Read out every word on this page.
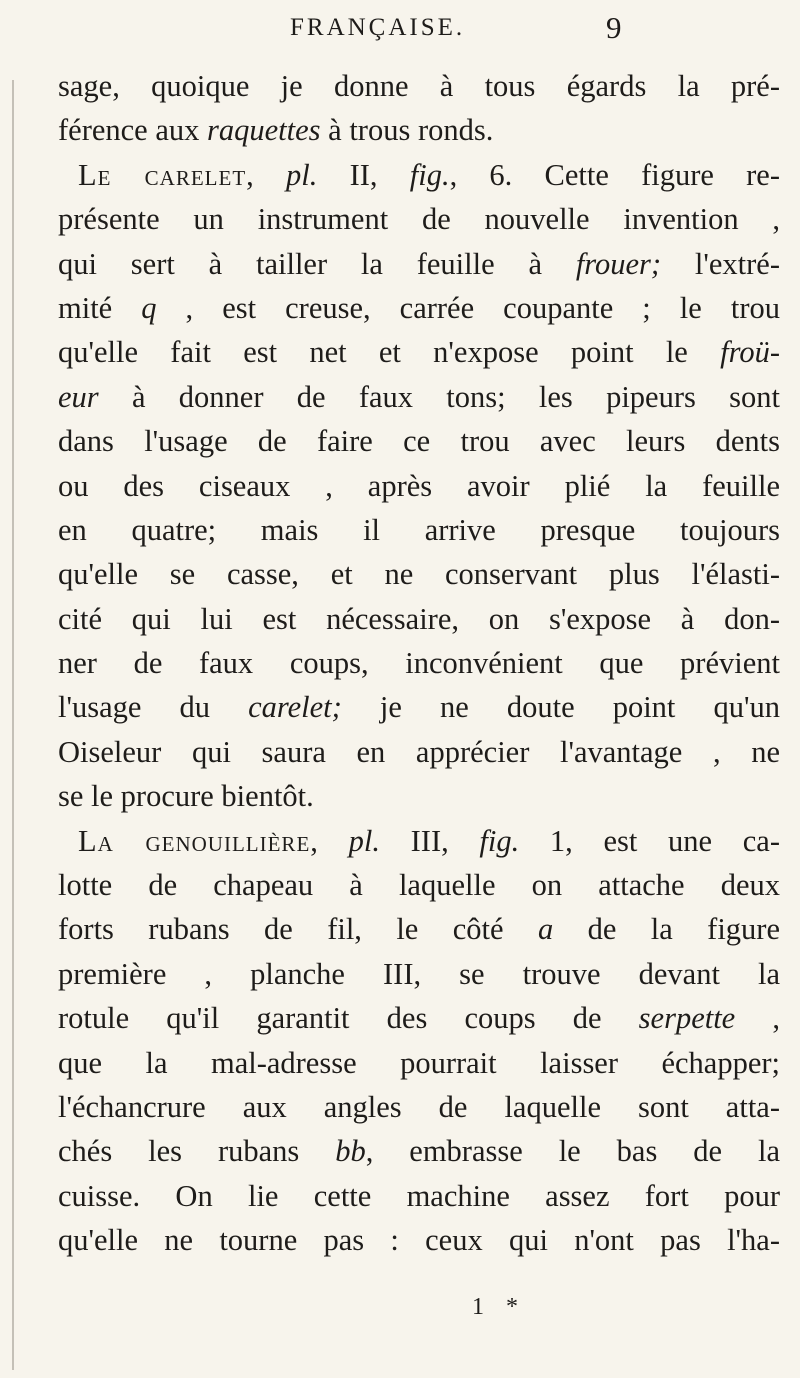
FRANÇAISE.	9
sage, quoique je donne à tous égards la pré-
férence aux raquettes à trous ronds.
Le carelet, pl. II, fig., 6. Cette figure re-
présente un instrument de nouvelle invention ,
qui sert à tailler la feuille à frouer; l'extré-
mité q , est creuse, carrée coupante ; le trou
qu'elle fait est net et n'expose point le froü-
eur à donner de faux tons; les pipeurs sont
dans l'usage de faire ce trou avec leurs dents
ou des ciseaux , après avoir plié la feuille
en quatre; mais il arrive presque toujours
qu'elle se casse, et ne conservant plus l'élasti-
cité qui lui est nécessaire, on s'expose à don-
ner de faux coups, inconvénient que prévient
l'usage du carelet; je ne doute point qu'un
Oiseleur qui saura en apprécier l'avantage , ne
se le procure bientôt.
La genouillière, pl. III, fig. 1, est une ca-
lotte de chapeau à laquelle on attache deux
forts rubans de fil, le côté a de la figure
première , planche III, se trouve devant la
rotule qu'il garantit des coups de serpette ,
que la mal-adresse pourrait laisser échapper;
l'échancrure aux angles de laquelle sont atta-
chés les rubans bb, embrasse le bas de la
cuisse. On lie cette machine assez fort pour
qu'elle ne tourne pas : ceux qui n'ont pas l'ha-
1 *
